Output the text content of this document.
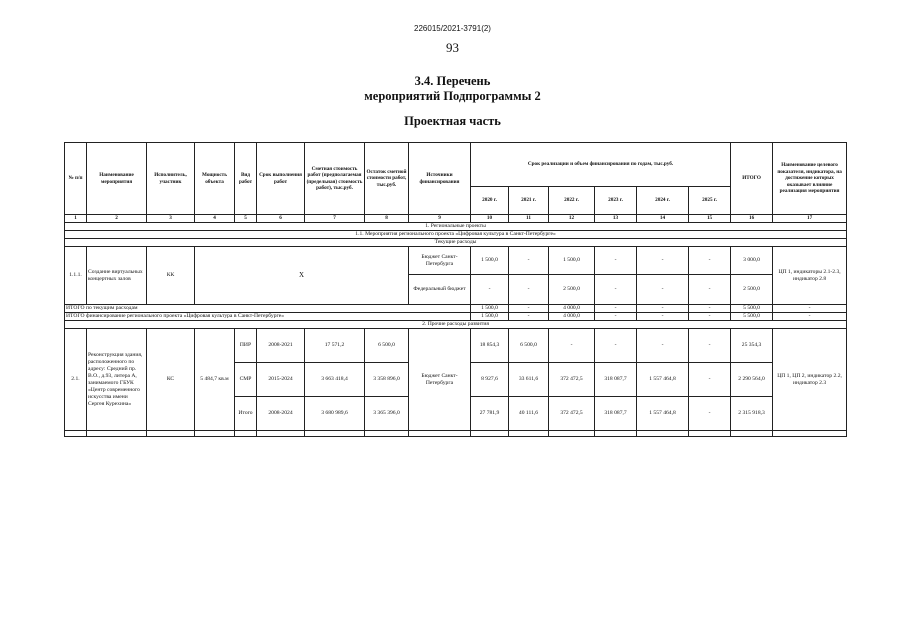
226015/2021-3791(2)
93
3.4. Перечень
мероприятий Подпрограммы 2
Проектная часть
№ п/п	Наименование мероприятия	Исполнитель, участник	Мощность объекта	Вид работ	Срок выполнения работ	Сметная стоимость работ (предполагаемая (предельная) стоимость работ), тыс.руб.	Остаток сметной стоимости работ, тыс.руб.	Источники финансирования	Срок реализации и объем финансирования по годам, тыс.руб.						ИТОГО	Наименование целевого показателя, индикатора, на достижение которых оказывает влияние реализация мероприятия
									2020 г.	2021 г.	2022 г.	2023 г.	2024 г.	2025 г.		
1	2	3	4	5	6	7	8	9	10	11	12	13	14	15	16	17
1. Региональные проекты																
1.1. Мероприятия регионального проекта «Цифровая культура в Санкт-Петербурге»																
Текущие расходы																
1.1.1.	Создание виртуальных концертных залов	КК	Х					Бюджет Санкт-Петербурга	1 500,0	-	1 500,0	-	-	-	3 000,0	ЦП 1, индикаторы 2.1-2.3, индикатор 2.8
								Федеральный бюджет	-	-	2 500,0	-	-	-	2 500,0	
ИТОГО по текущим расходам									1 500,0	-	4 000,0	-	-	-	5 500,0	-
ИТОГО финансирование регионального проекта «Цифровая культура в Санкт-Петербурге»									1 500,0	-	4 000,0	-	-	-	5 500,0	-
2. Прочие расходы развития																
2.1.	Реконструкция здания, расположенного по адресу: Средний пр. В.О., д.93, литера А, занимаемого ГБУК «Центр современного искусства имени Сергея Курехина»	КС	5 484,7 кв.м	ПИР	2008-2021	17 571,2	6 500,0	Бюджет Санкт-Петербурга	18 854,3	6 500,0	-	-	-	-	25 354,3	ЦП 1, ЦП 2, индикатор 2.2, индикатор 2.3
				СМР	2015-2024	3 663 418,4	3 358 896,0		8 927,6	33 611,6	372 472,5	318 087,7	1 557 464,8	-	2 290 564,0	
				Итого	2008-2024	3 680 989,6	3 365 396,0		27 781,9	40 111,6	372 472,5	318 087,7	1 557 464,8	-	2 315 918,3	
